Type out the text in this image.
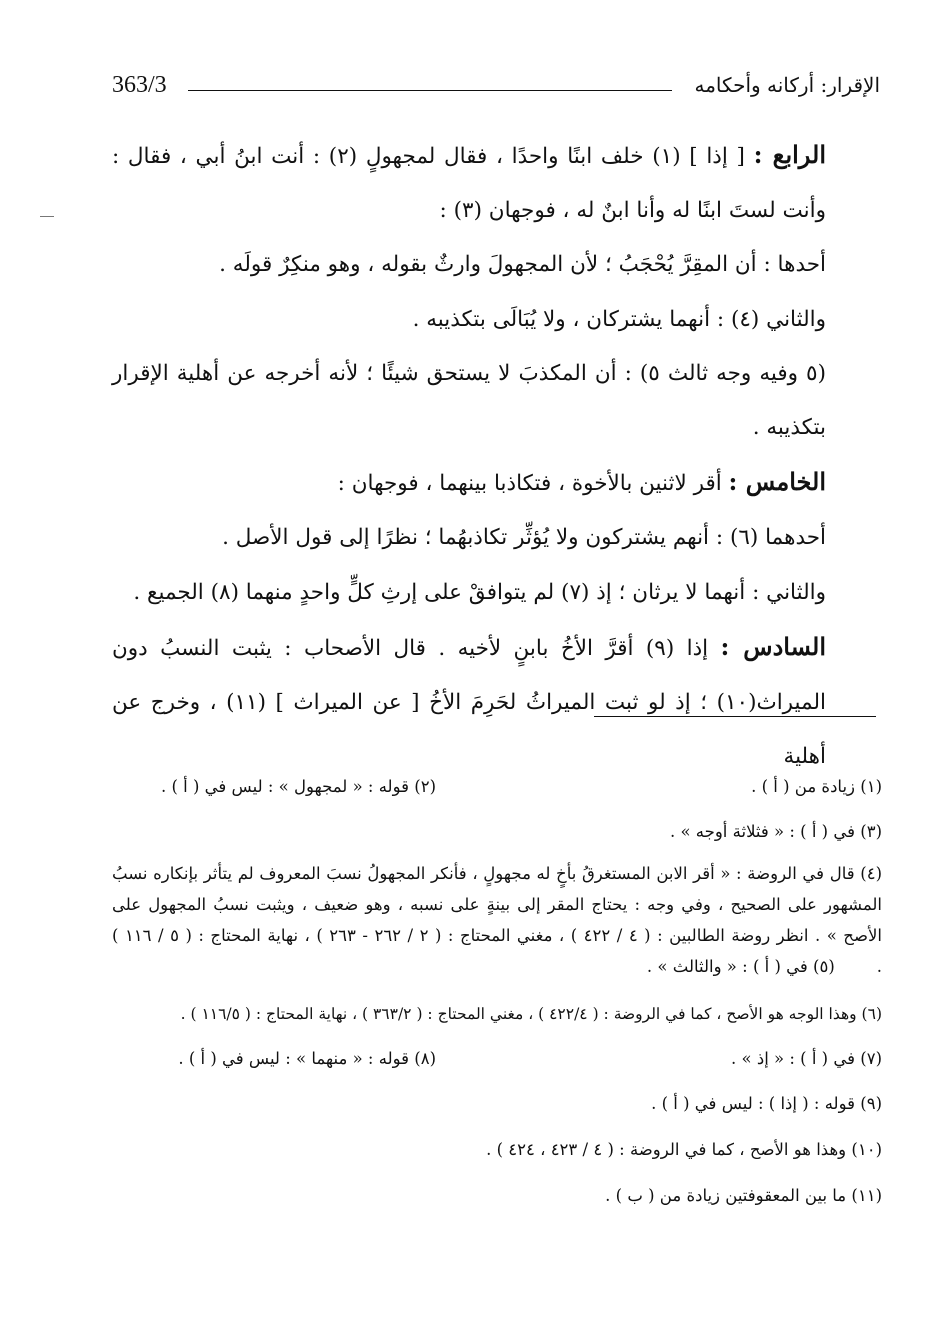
363/3	الإقرار: أركانه وأحكامه

الرابع : [ إذا ] (١) خلف ابنًا واحدًا ، فقال لمجهولٍ (٢) : أنت ابنُ أبي ، فقال : وأنت لستَ ابنًا له وأنا ابنٌ له ، فوجهان (٣) :

أحدها : أن المقِرَّ يُحْجَبُ ؛ لأن المجهولَ وارثٌ بقوله ، وهو منكِرٌ قولَه .

والثاني (٤) : أنهما يشتركان ، ولا يُبَالَى بتكذيبه .

(٥ وفيه وجه ثالث ٥) : أن المكذبَ لا يستحق شيئًا ؛ لأنه أخرجه عن أهلية الإقرار بتكذيبه .

الخامس : أقر لاثنين بالأخوة ، فتكاذبا بينهما ، فوجهان :

أحدهما (٦) : أنهم يشتركون ولا يُؤثِّر تكاذبهُما ؛ نظرًا إلى قول الأصل .

والثاني : أنهما لا يرثان ؛ إذ (٧) لم يتوافقْ على إرثِ كلٍّ واحدٍ منهما (٨) الجميع .

السادس : إذا (٩) أقرَّ الأخُ بابنٍ لأخيه . قال الأصحاب : يثبت النسبُ دون الميراث(١٠) ؛ إذ لو ثبت الميراثُ لحَرِمَ الأخُ [ عن الميراث ] (١١) ، وخرج عن أهلية

(١) زيادة من ( أ ) .
(٢) قوله : « لمجهول » : ليس في ( أ ) .
(٣) في ( أ ) : « فثلاثة أوجه » .
(٤) قال في الروضة : « أقر الابن المستغرقُ بأخٍ له مجهولٍ ، فأنكر المجهولُ نسبَ المعروف لم يتأثر بإنكاره نسبُ المشهور على الصحيح ، وفي وجه : يحتاج المقر إلى بينةٍ على نسبه ، وهو ضعيف ، ويثبت نسبُ المجهول على الأصح » . انظر روضة الطالبين : ( ٤ / ٤٢٢ ) ، مغني المحتاج : ( ٢ / ٢٦٢ - ٢٦٣ ) ، نهاية المحتاج : ( ٥ / ١١٦ ) .        (٥) في ( أ ) : « والثالث » .
(٦) وهذا الوجه هو الأصح ، كما في الروضة : ( ٤٢٢/٤ ) ، مغني المحتاج : ( ٣٦٣/٢ ) ، نهاية المحتاج : ( ١١٦/٥ ) .
(٧) في ( أ ) : « إذ » .
(٨) قوله : « منهما » : ليس في ( أ ) .
(٩) قوله : ( إذا ) : ليس في ( أ ) .
(١٠) وهذا هو الأصح ، كما في الروضة : ( ٤ / ٤٢٣ ، ٤٢٤ ) .
(١١) ما بين المعقوفتين زيادة من ( ب ) .
